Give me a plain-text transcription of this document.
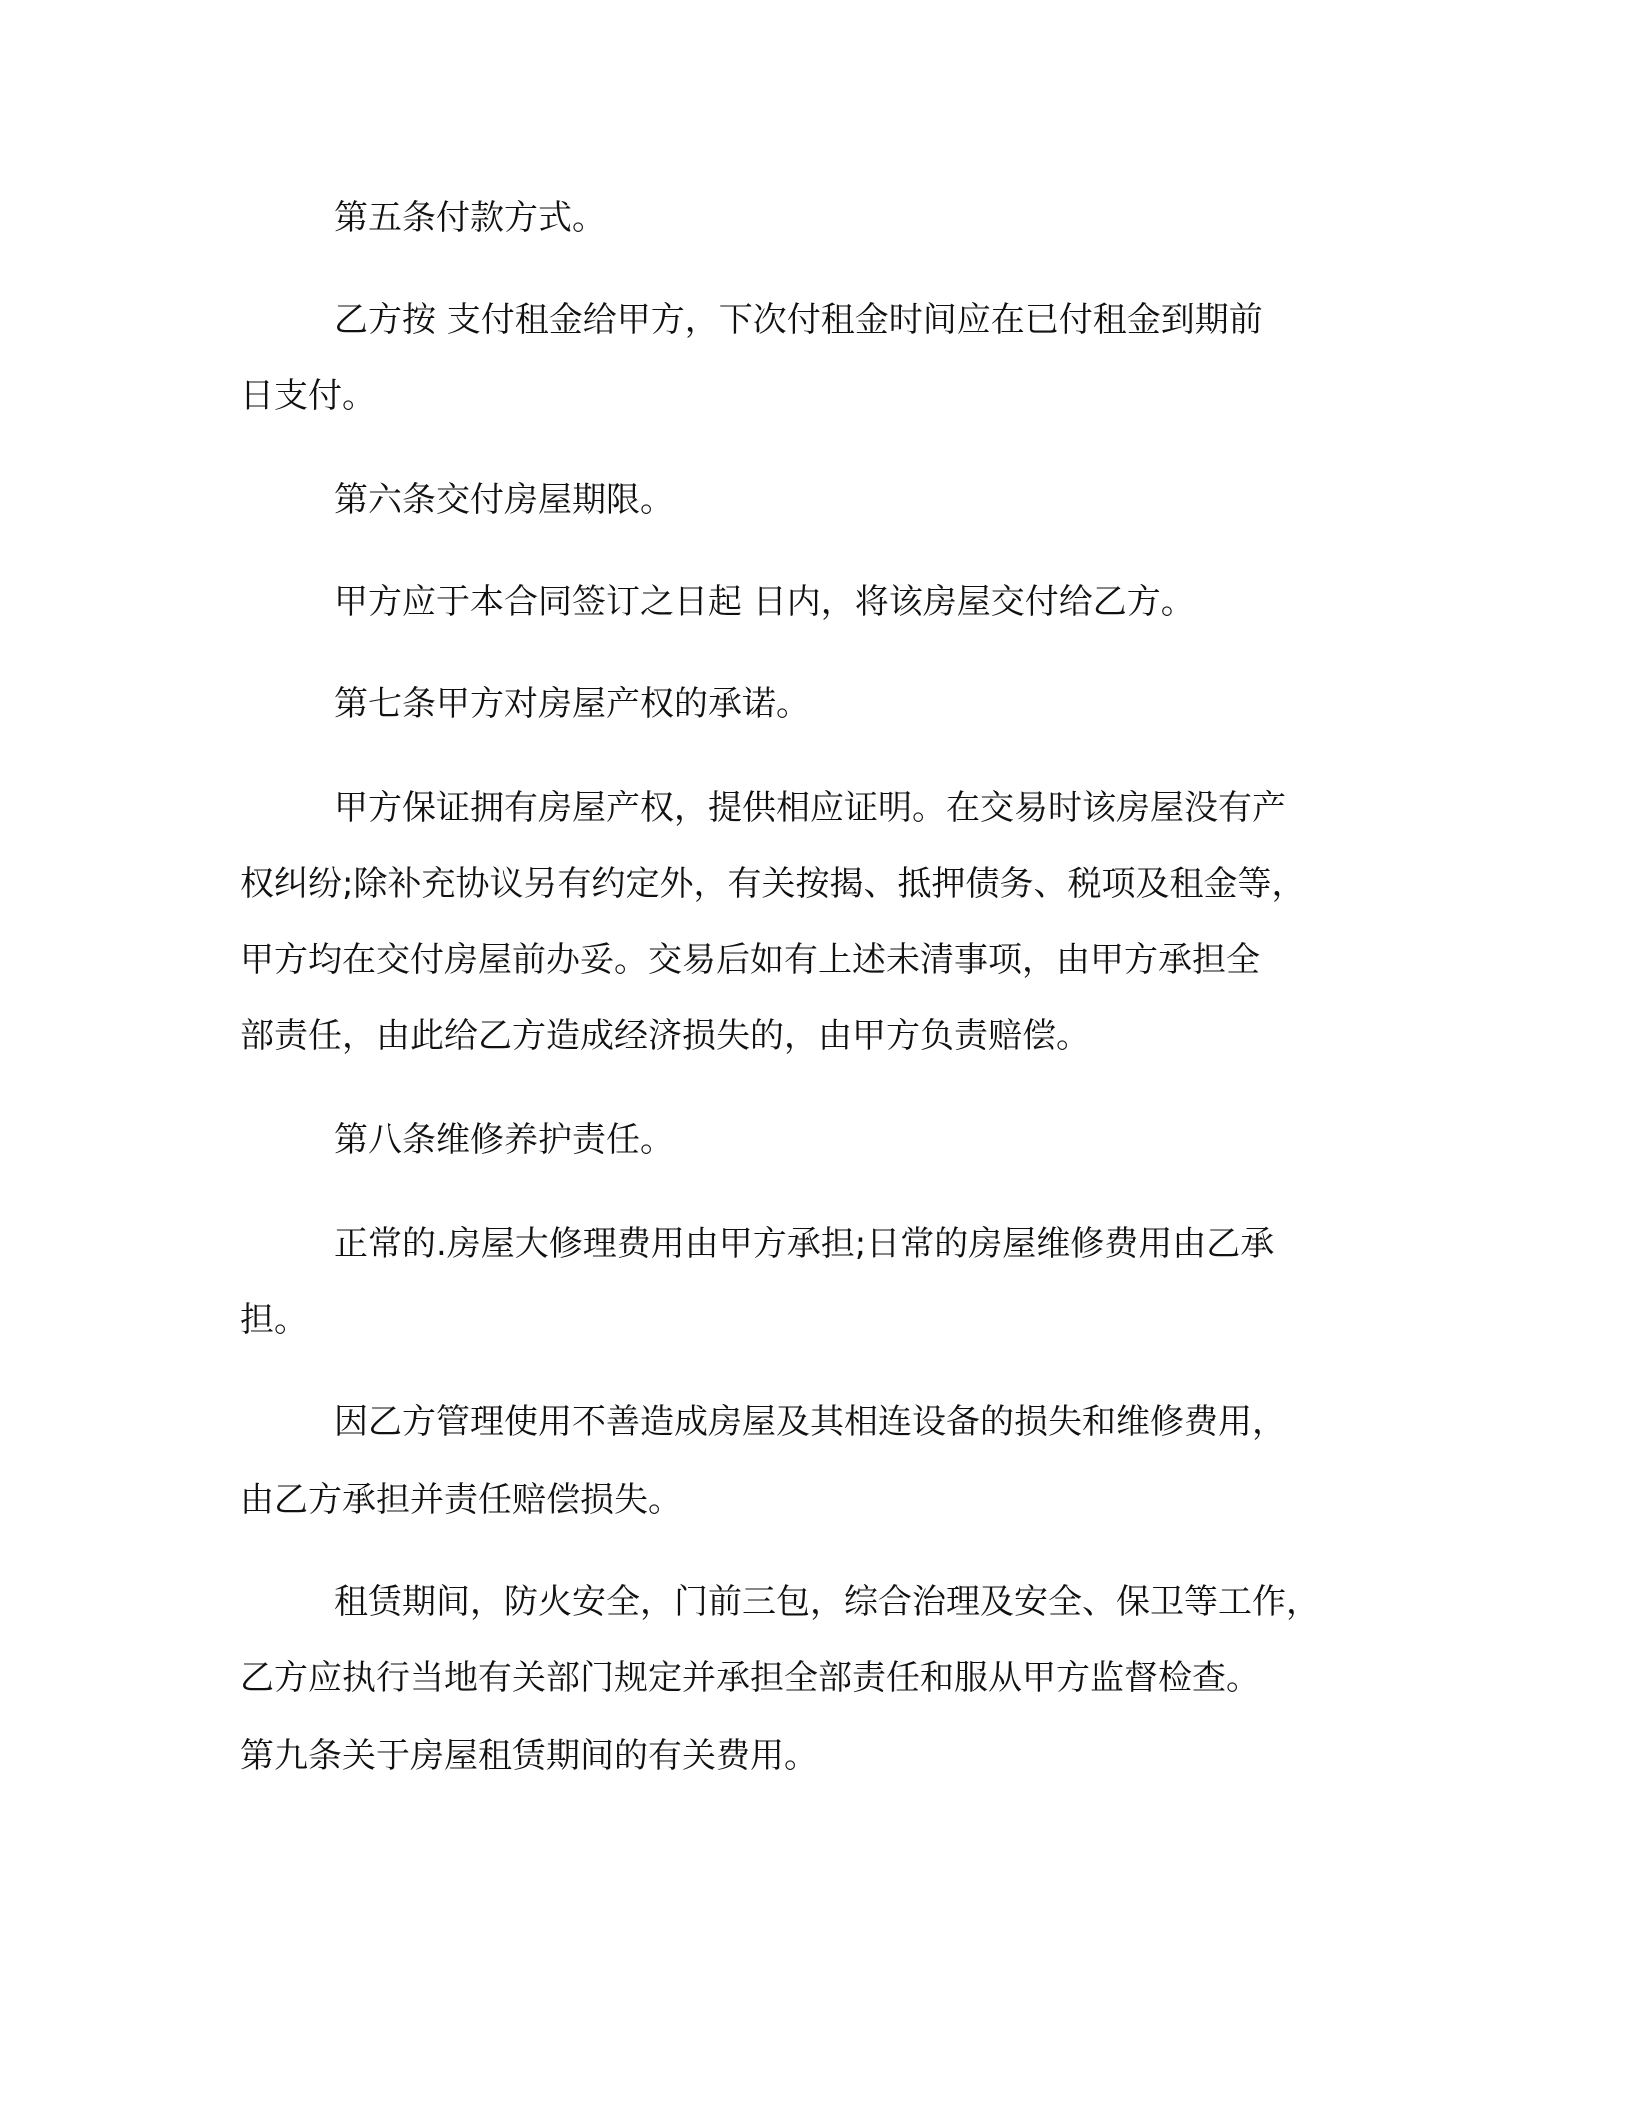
第五条付款方式。

乙方按 支付租金给甲方，下次付租金时间应在已付租金到期前

日支付。

第六条交付房屋期限。

甲方应于本合同签订之日起 日内，将该房屋交付给乙方。

第七条甲方对房屋产权的承诺。

甲方保证拥有房屋产权，提供相应证明。在交易时该房屋没有产

权纠纷;除补充协议另有约定外，有关按揭、抵押债务、税项及租金等，

甲方均在交付房屋前办妥。交易后如有上述未清事项，由甲方承担全

部责任，由此给乙方造成经济损失的，由甲方负责赔偿。

第八条维修养护责任。

正常的.房屋大修理费用由甲方承担;日常的房屋维修费用由乙承

担。

因乙方管理使用不善造成房屋及其相连设备的损失和维修费用，

由乙方承担并责任赔偿损失。

租赁期间，防火安全，门前三包，综合治理及安全、保卫等工作，

乙方应执行当地有关部门规定并承担全部责任和服从甲方监督检查。

第九条关于房屋租赁期间的有关费用。
